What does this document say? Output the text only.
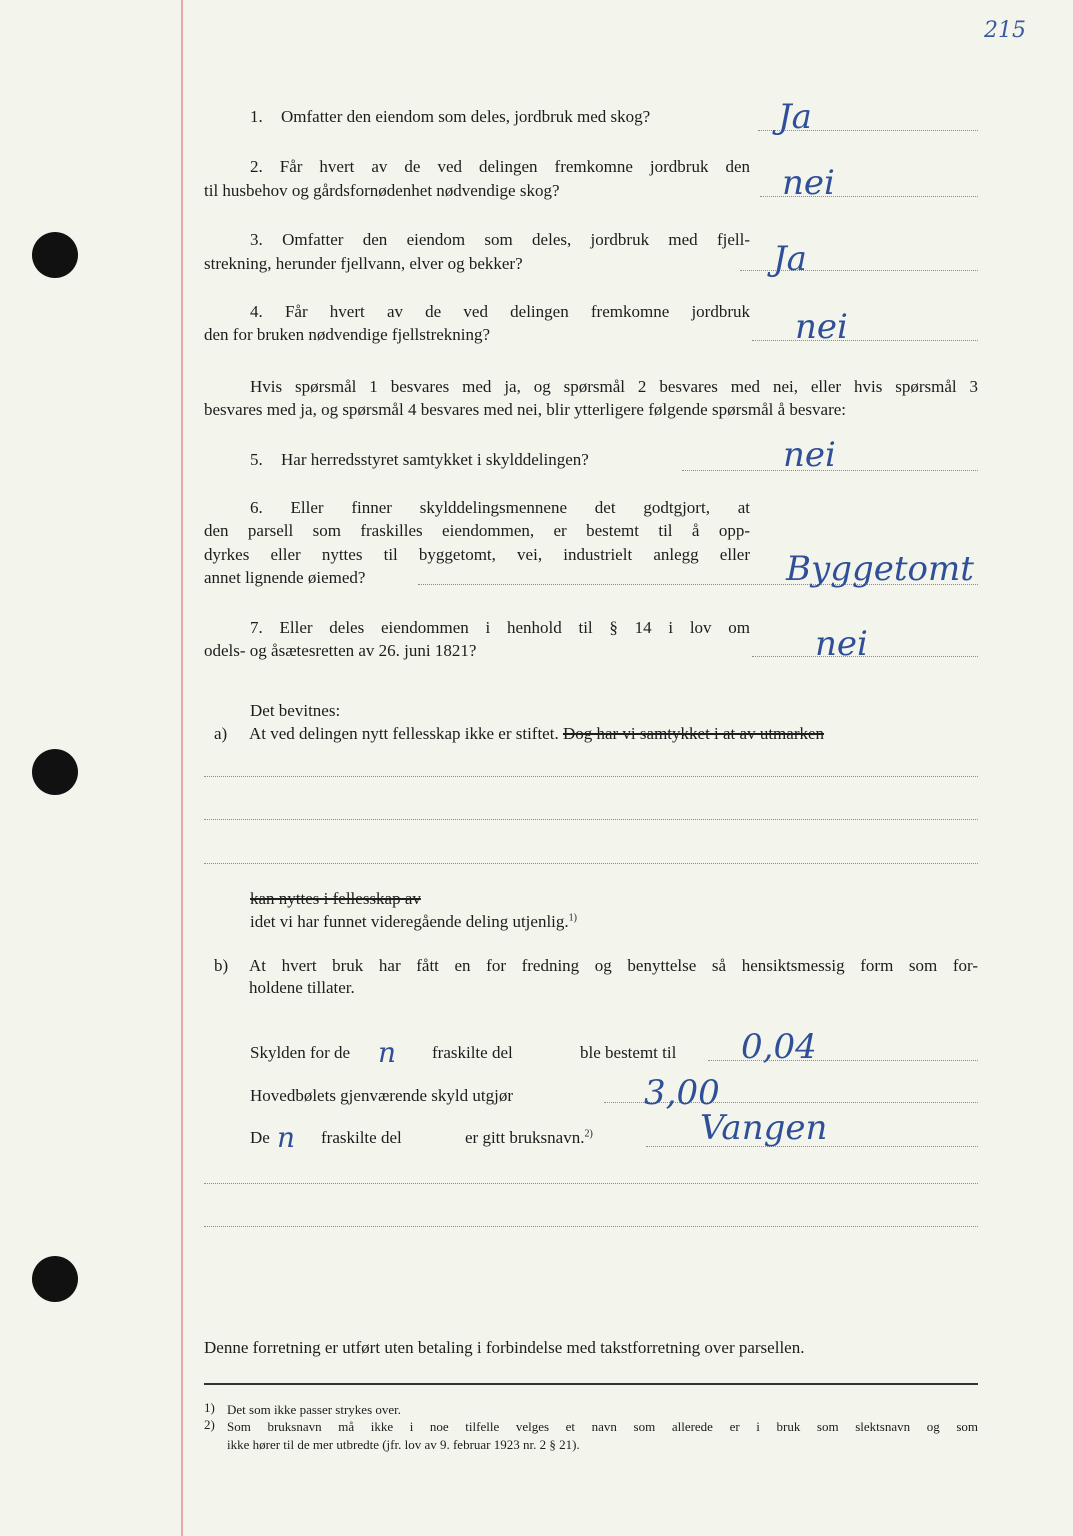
215
1. Omfatter den eiendom som deles, jordbruk med skog?	Ja
2. Får hvert av de ved delingen fremkomne jordbruk den
til husbehov og gårdsfornødenhet nødvendige skog?	nei
3. Omfatter den eiendom som deles, jordbruk med fjell-
strekning, herunder fjellvann, elver og bekker?	Ja
4. Får hvert av de ved delingen fremkomne jordbruk
den for bruken nødvendige fjellstrekning?	nei
Hvis spørsmål 1 besvares med ja, og spørsmål 2 besvares med nei, eller hvis spørsmål 3
besvares med ja, og spørsmål 4 besvares med nei, blir ytterligere følgende spørsmål å besvare:
5. Har herredsstyret samtykket i skylddelingen?	nei
6. Eller finner skylddelingsmennene det godtgjort, at
den parsell som fraskilles eiendommen, er bestemt til å opp-
dyrkes eller nyttes til byggetomt, vei, industrielt anlegg eller
annet lignende øiemed?	Byggetomt
7. Eller deles eiendommen i henhold til § 14 i lov om
odels- og åsætesretten av 26. juni 1821?	nei
Det bevitnes:
a) At ved delingen nytt fellesskap ikke er stiftet. Dog har vi samtykket i at av utmarken
kan nyttes i fellesskap av
idet vi har funnet videregående deling utjenlig.$^{1)}$
b) At hvert bruk har fått en for fredning og benyttelse så hensiktsmessig form som for-
holdene tillater.
Skylden for de n fraskilte del	ble bestemt til 0,04
Hovedbølets gjenværende skyld utgjør	3,00
De n fraskilte del	er gitt bruksnavn.$^{2)}$	Vangen
Denne forretning er utført uten betaling i forbindelse med takstforretning over parsellen.
1) Det som ikke passer strykes over.
2) Som bruksnavn må ikke i noe tilfelle velges et navn som allerede er i bruk som slektsnavn og som
ikke hører til de mer utbredte (jfr. lov av 9. februar 1923 nr. 2 § 21).
